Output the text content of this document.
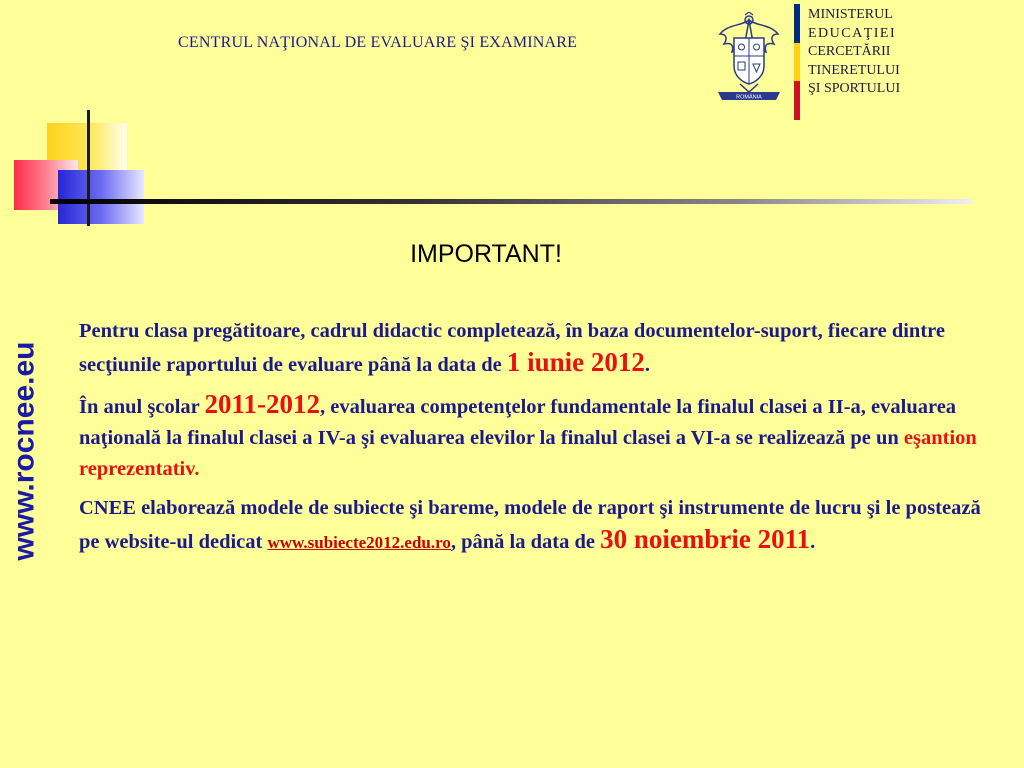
CENTRUL NAŢIONAL DE EVALUARE ŞI EXAMINARE
ROMÂNIA
MINISTERUL
EDUCAŢIEI
CERCETĂRII
TINERETULUI
ŞI SPORTULUI
IMPORTANT!
www.rocnee.eu

Pentru clasa pregătitoare, cadrul didactic completează, în baza documentelor-suport, fiecare dintre secţiunile raportului de evaluare până la data de 1 iunie 2012.

În anul şcolar 2011-2012, evaluarea competenţelor fundamentale la finalul clasei a II-a, evaluarea naţională la finalul clasei a IV-a şi evaluarea elevilor la finalul clasei a VI-a se realizează pe un eşantion reprezentativ.

CNEE elaborează modele de subiecte şi bareme, modele de raport şi instrumente de lucru şi le postează pe website-ul dedicat www.subiecte2012.edu.ro, până la data de 30 noiembrie 2011.
